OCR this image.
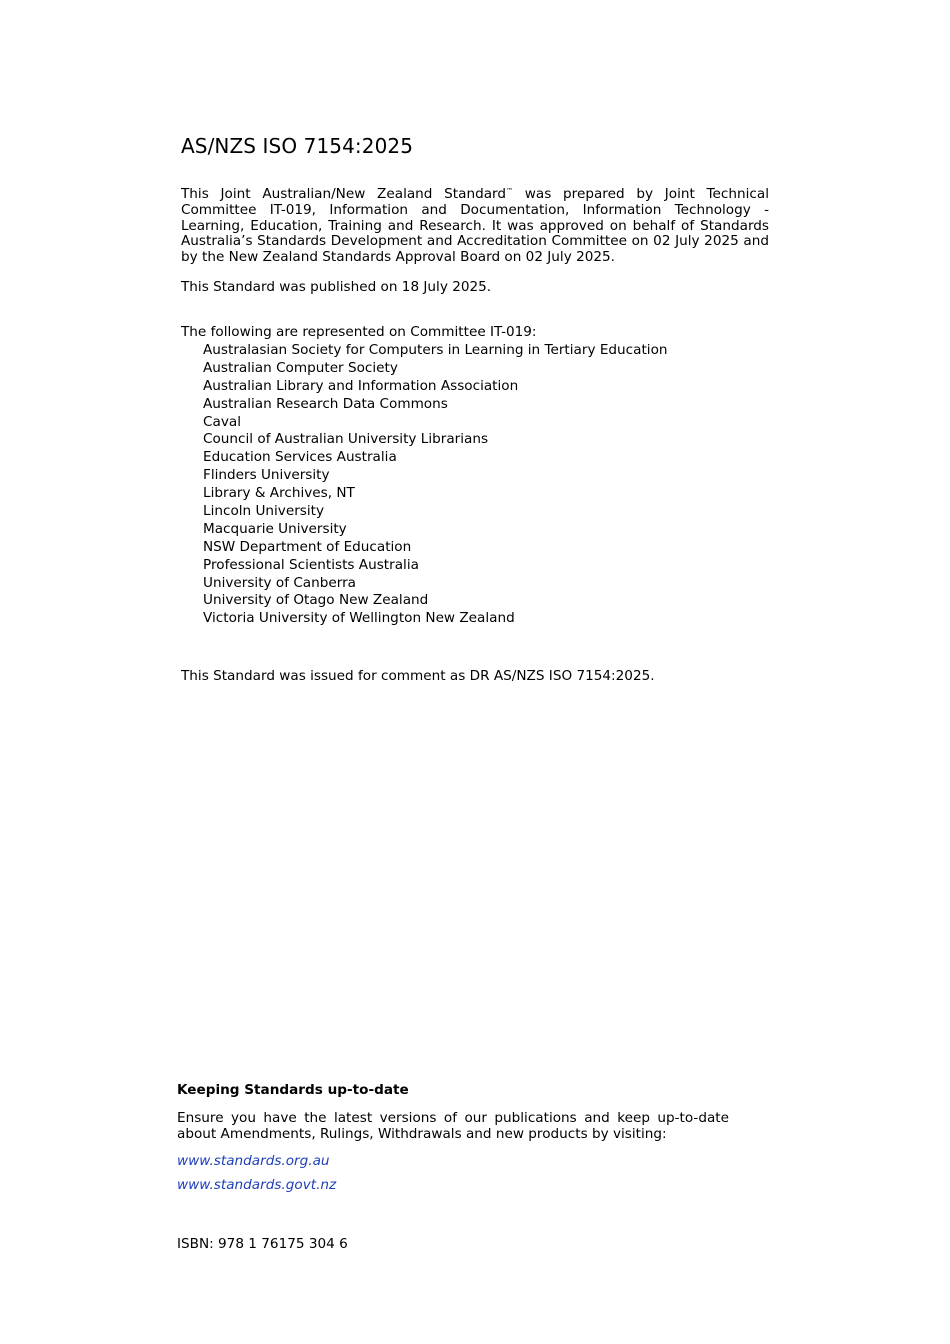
AS/NZS ISO 7154:2025
This Joint Australian/New Zealand Standard™ was prepared by Joint Technical Committee IT-019, Information and Documentation, Information Technology - Learning, Education, Training and Research. It was approved on behalf of Standards Australia’s Standards Development and Accreditation Committee on 02 July 2025 and by the New Zealand Standards Approval Board on 02 July 2025.
This Standard was published on 18 July 2025.
The following are represented on Committee IT-019:
Australasian Society for Computers in Learning in Tertiary Education
Australian Computer Society
Australian Library and Information Association
Australian Research Data Commons
Caval
Council of Australian University Librarians
Education Services Australia
Flinders University
Library & Archives, NT
Lincoln University
Macquarie University
NSW Department of Education
Professional Scientists Australia
University of Canberra
University of Otago New Zealand
Victoria University of Wellington New Zealand
This Standard was issued for comment as DR AS/NZS ISO 7154:2025.
Keeping Standards up-to-date
Ensure you have the latest versions of our publications and keep up-to-date about Amendments, Rulings, Withdrawals and new products by visiting:
www.standards.org.au
www.standards.govt.nz
ISBN: 978 1 76175 304 6
